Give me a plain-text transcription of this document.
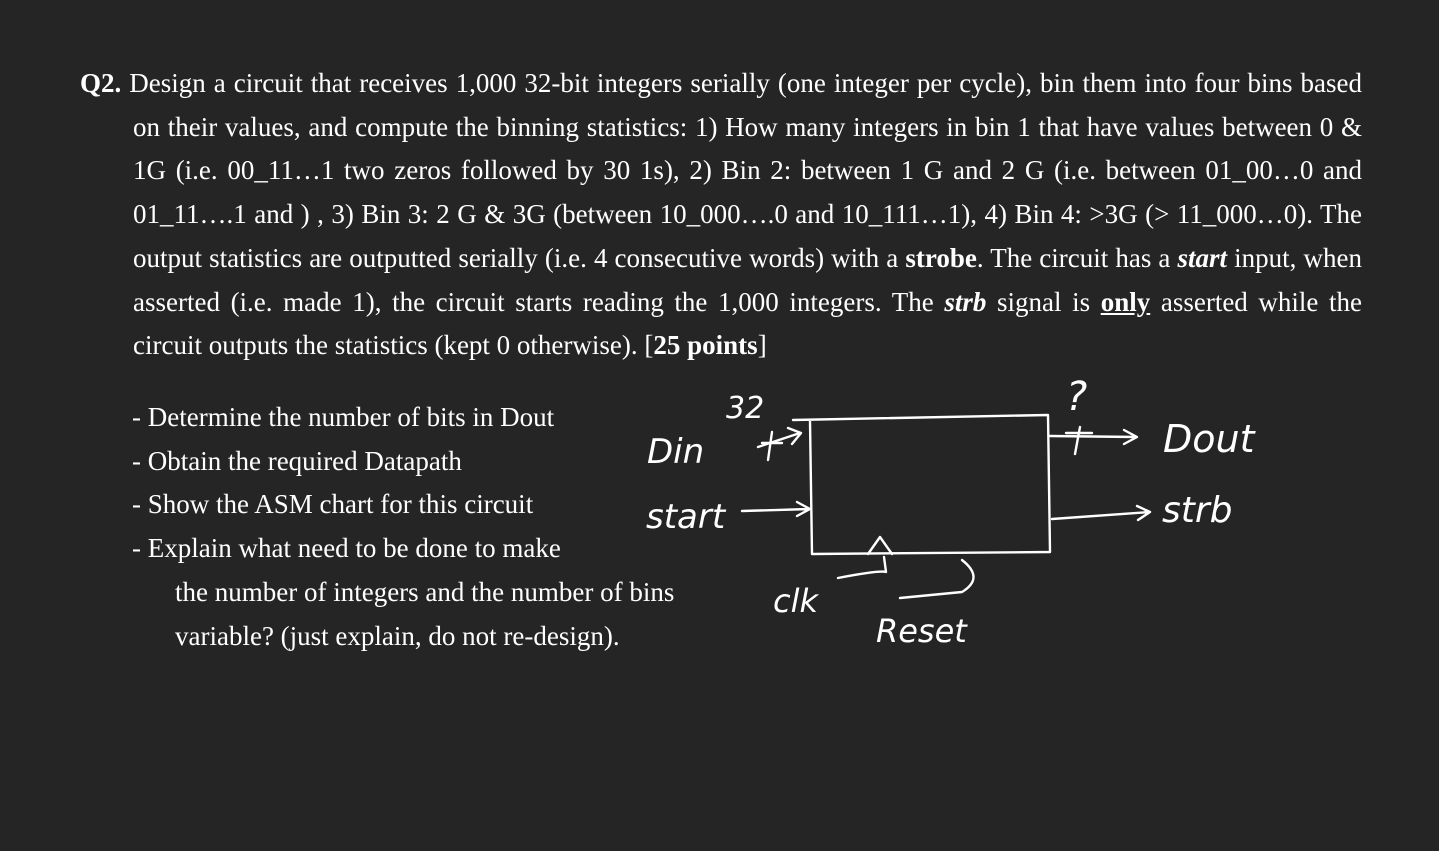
Q2. Design a circuit that receives 1,000 32-bit integers serially (one integer per cycle), bin them into four bins based on their values, and compute the binning statistics: 1) How many integers in bin 1 that have values between 0 & 1G (i.e. 00_11…1 two zeros followed by 30 1s), 2) Bin 2: between 1 G and 2 G (i.e. between 01_00…0 and 01_11….1 and ) , 3) Bin 3: 2 G & 3G (between 10_000….0 and 10_111…1), 4) Bin 4: >3G (> 11_000…0). The output statistics are outputted serially (i.e. 4 consecutive words) with a strobe. The circuit has a start input, when asserted (i.e. made 1), the circuit starts reading the 1,000 integers. The strb signal is only asserted while the circuit outputs the statistics (kept 0 otherwise). [25 points]
- Determine the number of bits in Dout
- Obtain the required Datapath
- Show the ASM chart for this circuit
- Explain what need to be done to make
the number of integers and the number of bins
variable? (just explain, do not re-design).
Din
32
start
?
Dout
strb
clk
Reset
